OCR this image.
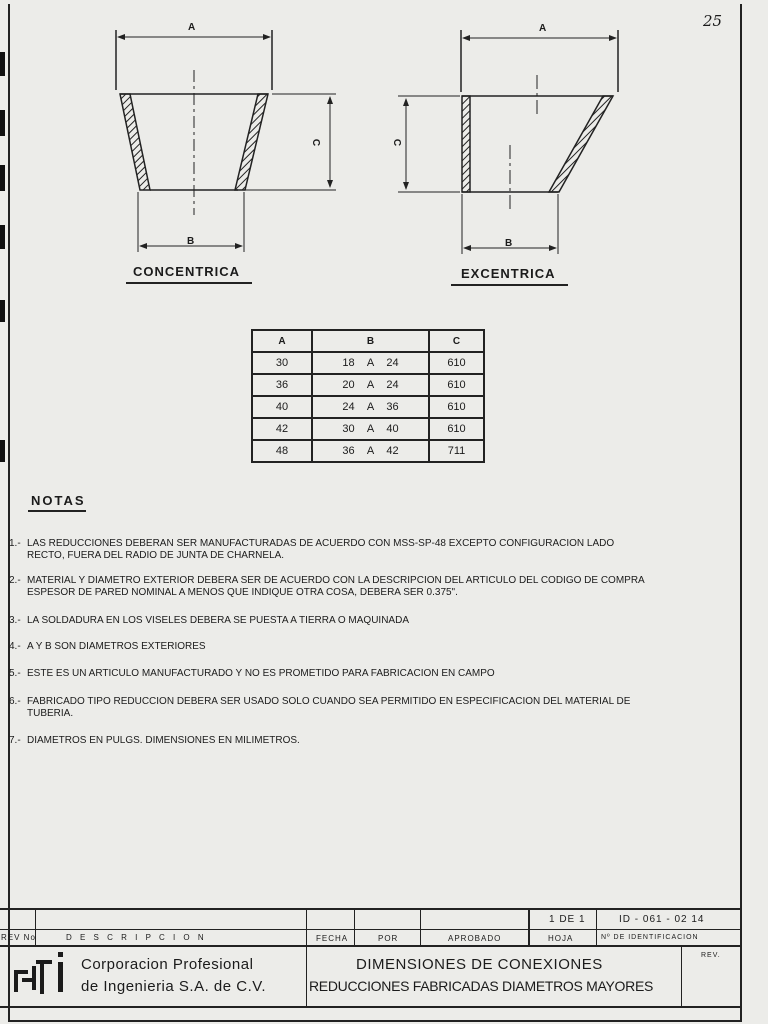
25
A
C
B
CONCENTRICA
A
C
B
EXCENTRICA
A	B	C
30	18 A 24	610
36	20 A 24	610
40	24 A 36	610
42	30 A 40	610
48	36 A 42	711
NOTAS
1.- LAS REDUCCIONES DEBERAN SER MANUFACTURADAS DE ACUERDO CON MSS-SP-48 EXCEPTO CONFIGURACION LADO
RECTO, FUERA DEL RADIO DE JUNTA DE CHARNELA.
2.- MATERIAL Y DIAMETRO EXTERIOR DEBERA SER DE ACUERDO CON LA DESCRIPCION DEL ARTICULO DEL CODIGO DE COMPRA
ESPESOR DE PARED NOMINAL A MENOS QUE INDIQUE OTRA COSA, DEBERA SER 0.375".
3.- LA SOLDADURA EN LOS VISELES DEBERA SE PUESTA A TIERRA O MAQUINADA
4.- A Y B SON DIAMETROS EXTERIORES
5.- ESTE ES UN ARTICULO MANUFACTURADO Y NO ES PROMETIDO PARA FABRICACION EN CAMPO
6.- FABRICADO TIPO REDUCCION DEBERA SER USADO SOLO CUANDO SEA PERMITIDO EN ESPECIFICACION DEL MATERIAL DE
TUBERIA.
7.- DIAMETROS EN PULGS. DIMENSIONES EN MILIMETROS.
REV No	D E S C R I P C I O N	FECHA	POR	APROBADO
1 DE 1
HOJA
ID - 061 - 02 14
Nº DE IDENTIFICACION
REV.
Corporacion Profesional
de Ingenieria S.A. de C.V.
DIMENSIONES DE CONEXIONES
REDUCCIONES FABRICADAS DIAMETROS MAYORES
